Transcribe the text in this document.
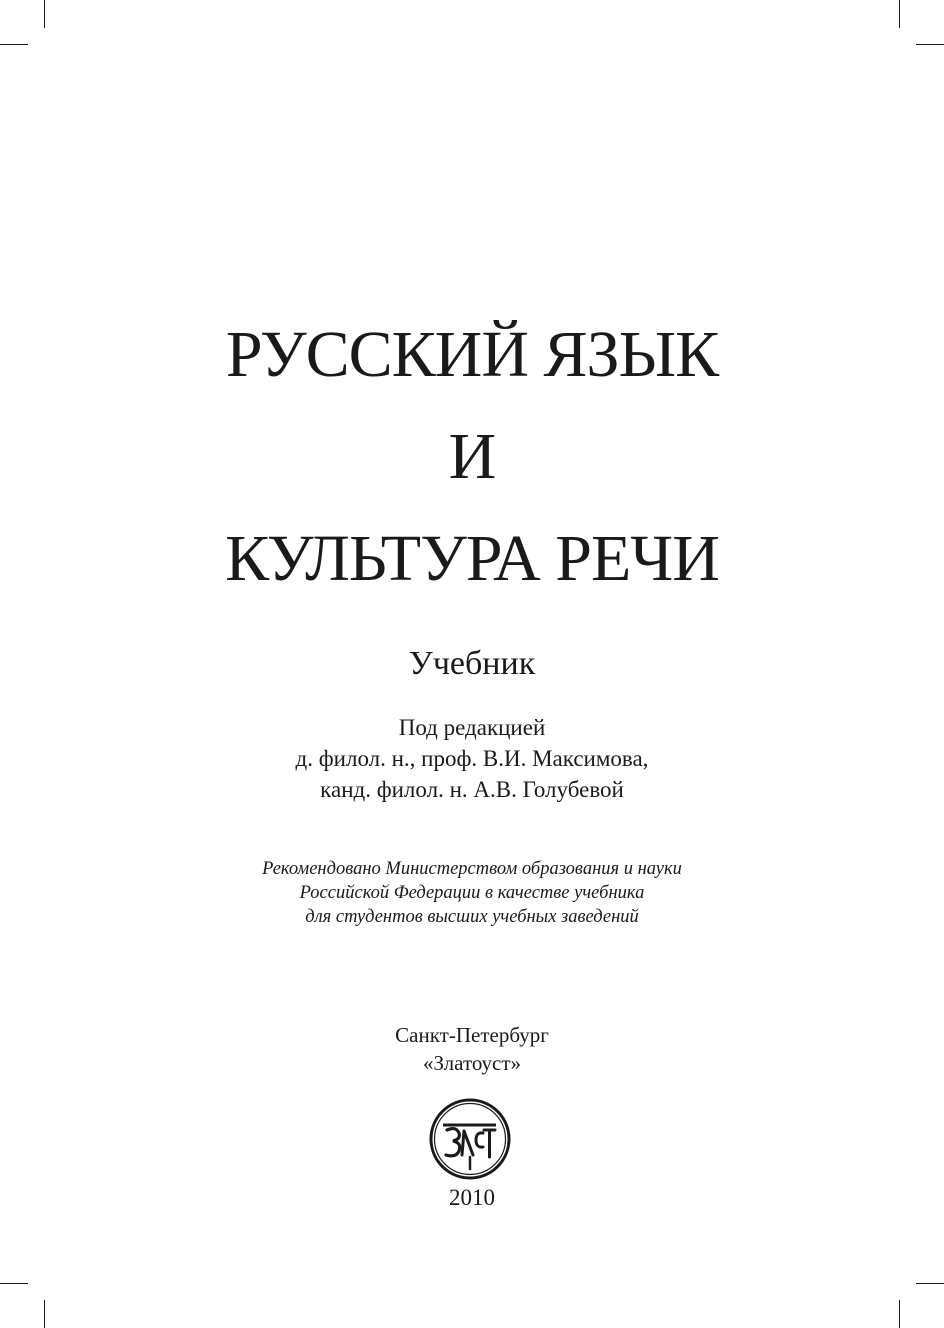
РУССКИЙ ЯЗЫК
И
КУЛЬТУРА РЕЧИ
Учебник
Под редакцией
д. филол. н., проф. В.И. Максимова,
канд. филол. н. А.В. Голубевой
Рекомендовано Министерством образования и науки
Российской Федерации в качестве учебника
для студентов высших учебных заведений
Санкт-Петербург
«Златоуст»
2010
